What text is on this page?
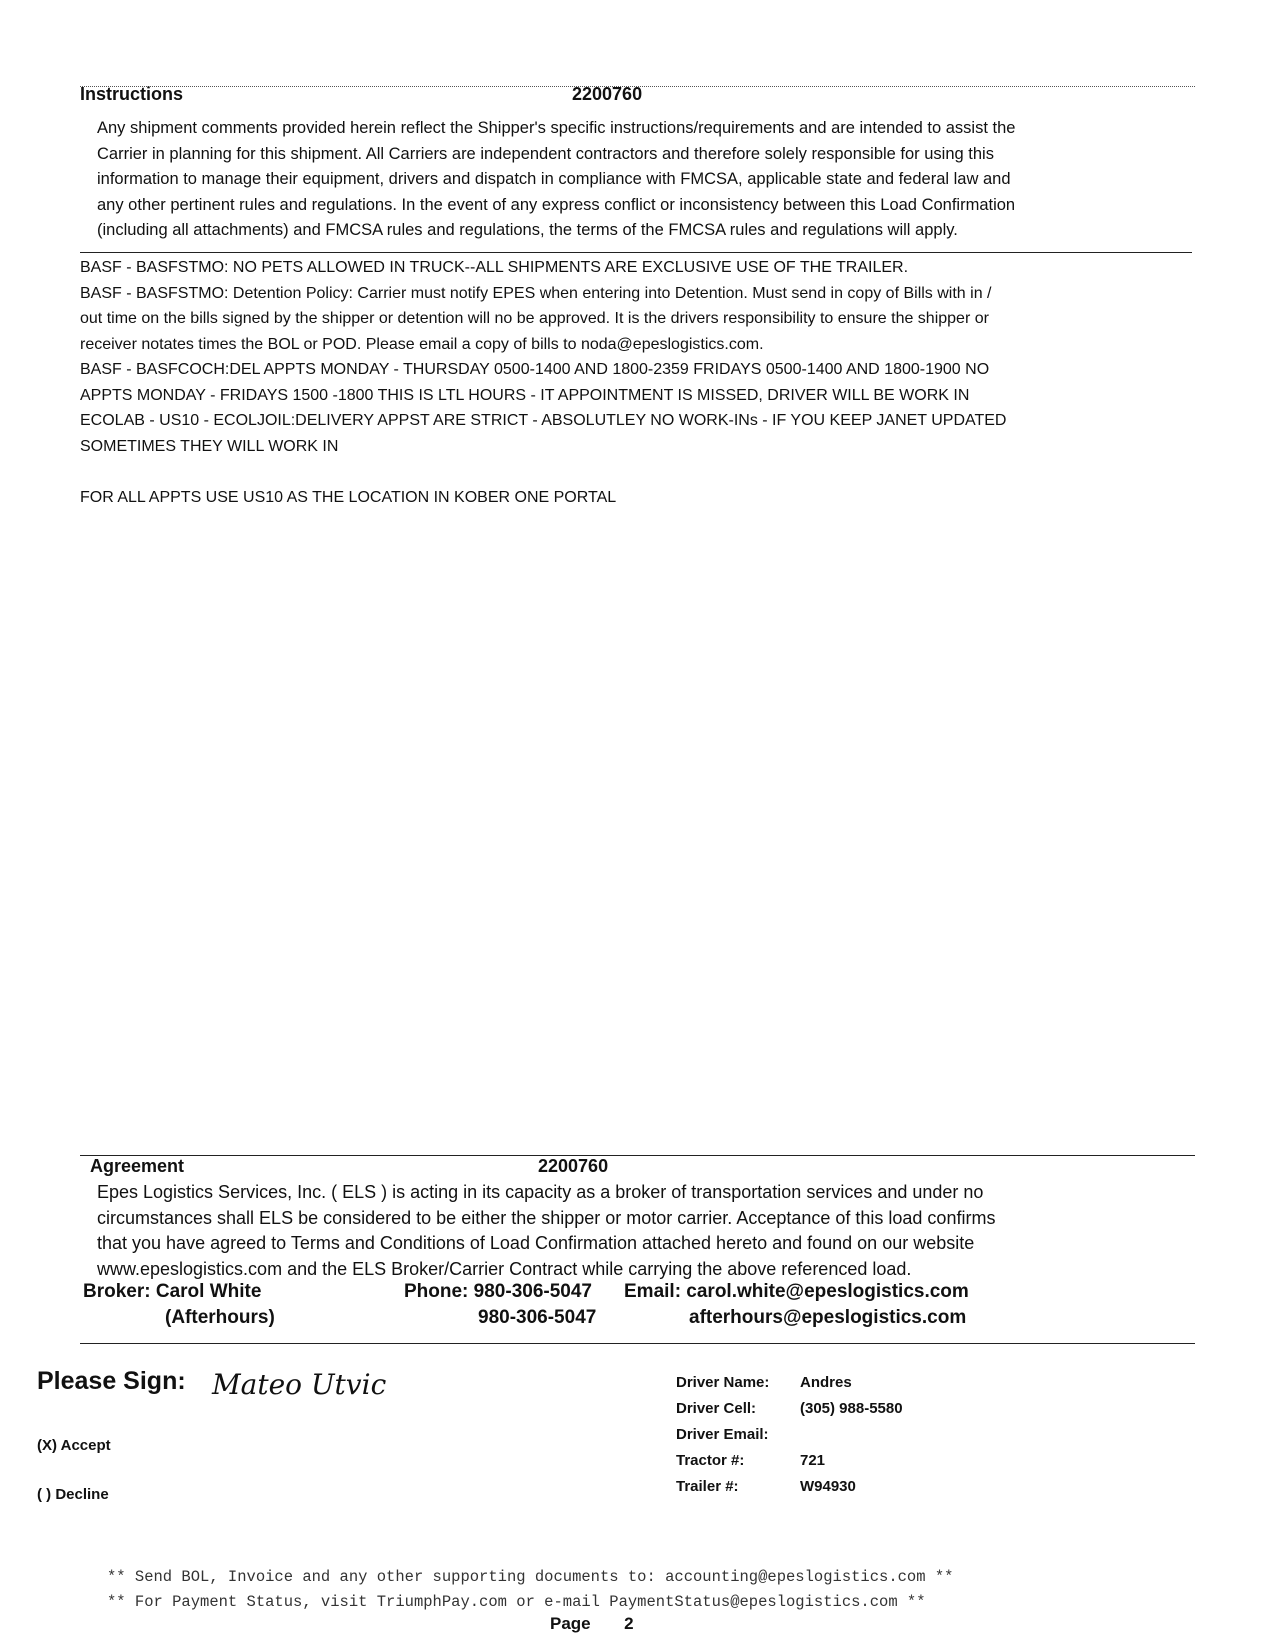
Instructions	2200760

Any shipment comments provided herein reflect the Shipper's specific instructions/requirements and are intended to assist the

Carrier in planning for this shipment. All Carriers are independent contractors and therefore solely responsible for using this

information to manage their equipment, drivers and dispatch in compliance with FMCSA, applicable state and federal law and

any other pertinent rules and regulations. In the event of any express conflict or inconsistency between this Load Confirmation

(including all attachments) and FMCSA rules and regulations, the terms of the FMCSA rules and regulations will apply.

BASF - BASFSTMO: NO PETS ALLOWED IN TRUCK--ALL SHIPMENTS ARE EXCLUSIVE USE OF THE TRAILER.

BASF - BASFSTMO: Detention Policy: Carrier must notify EPES when entering into Detention. Must send in copy of Bills with in /

out time on the bills signed by the shipper or detention will no be approved. It is the drivers responsibility to ensure the shipper or

receiver notates times the BOL or POD. Please email a copy of bills to noda@epeslogistics.com.

BASF - BASFCOCH:DEL APPTS MONDAY - THURSDAY 0500-1400 AND 1800-2359 FRIDAYS 0500-1400 AND 1800-1900 NO

APPTS MONDAY - FRIDAYS 1500 -1800 THIS IS LTL HOURS - IT APPOINTMENT IS MISSED, DRIVER WILL BE WORK IN

ECOLAB - US10 - ECOLJOIL:DELIVERY APPST ARE STRICT - ABSOLUTLEY NO WORK-INs - IF YOU KEEP JANET UPDATED

SOMETIMES THEY WILL WORK IN

FOR ALL APPTS USE US10 AS THE LOCATION IN KOBER ONE PORTAL

Agreement	2200760

Epes Logistics Services, Inc. ( ELS ) is acting in its capacity as a broker of transportation services and under no

circumstances shall ELS be considered to be either the shipper or motor carrier. Acceptance of this load confirms

that you have agreed to Terms and Conditions of Load Confirmation attached hereto and found on our website

www.epeslogistics.com and the ELS Broker/Carrier Contract while carrying the above referenced load.

Broker: Carol White	Phone: 980-306-5047 Email: carol.white@epeslogistics.com
(Afterhours)	980-306-5047	afterhours@epeslogistics.com
Please Sign: Mateo Utvic
(X) Accept
( ) Decline
Driver Name: Andres
Driver Cell:	(305) 988-5580
Driver Email:
Tractor #:	721
Trailer #:	W94930
** Send BOL, Invoice and any other supporting documents to: accounting@epeslogistics.com **
** For Payment Status, visit TriumphPay.com or e-mail PaymentStatus@epeslogistics.com **
Page 2
